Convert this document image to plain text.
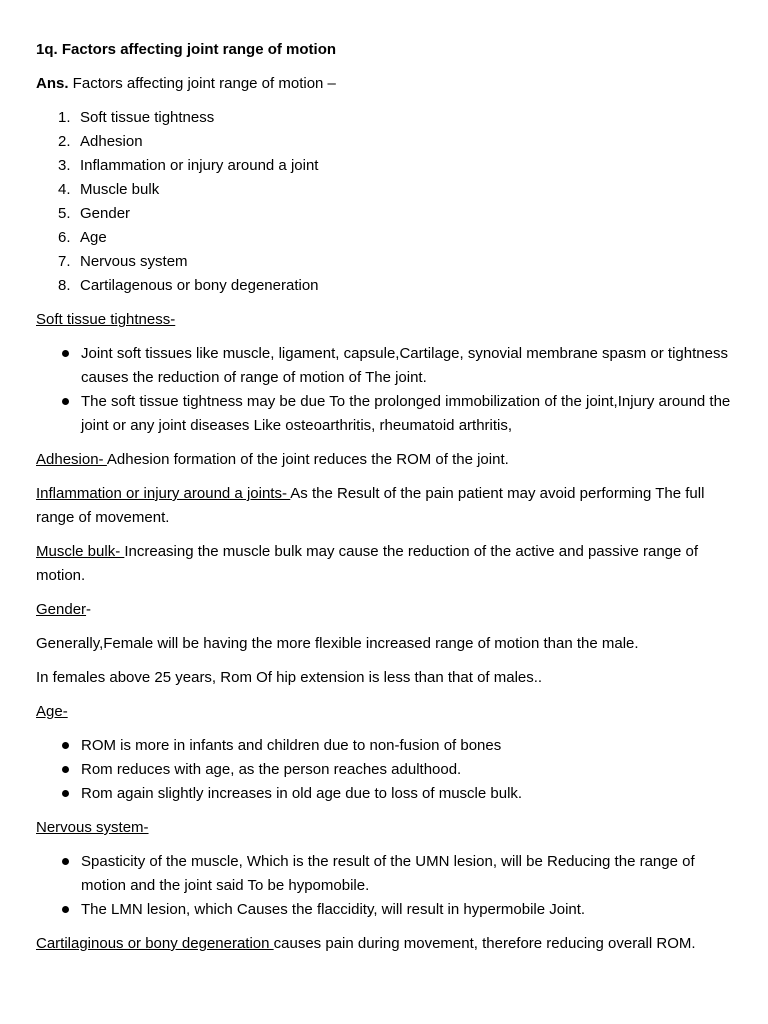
1q. Factors affecting joint range of motion

Ans. Factors affecting joint range of motion –

1. Soft tissue tightness
2. Adhesion
3. Inflammation or injury around a joint
4. Muscle bulk
5. Gender
6. Age
7. Nervous system
8. Cartilagenous or bony degeneration

Soft tissue tightness-

Joint soft tissues like muscle, ligament, capsule,Cartilage, synovial membrane spasm or tightness causes the reduction of range of motion of The joint.
The soft tissue tightness may be due To the prolonged immobilization of the joint,Injury around the joint or any joint diseases Like osteoarthritis, rheumatoid arthritis,

Adhesion- Adhesion formation of the joint reduces the ROM of the joint.

Inflammation or injury around a joints- As the Result of the pain patient may avoid performing The full range of movement.

Muscle bulk- Increasing the muscle bulk may cause the reduction of the active and passive range of motion.

Gender-

Generally,Female will be having the more flexible increased range of motion than the male.

In females above 25 years, Rom Of hip extension is less than that of males..

Age-

ROM is more in infants and children due to non-fusion of bones
Rom reduces with age, as the person reaches adulthood.
Rom again slightly increases in old age due to loss of muscle bulk.

Nervous system-

Spasticity of the muscle, Which is the result of the UMN lesion, will be Reducing the range of motion and the joint said To be hypomobile.
The LMN lesion, which Causes the flaccidity, will result in hypermobile Joint.

Cartilaginous or bony degeneration causes pain during movement, therefore reducing overall ROM.
